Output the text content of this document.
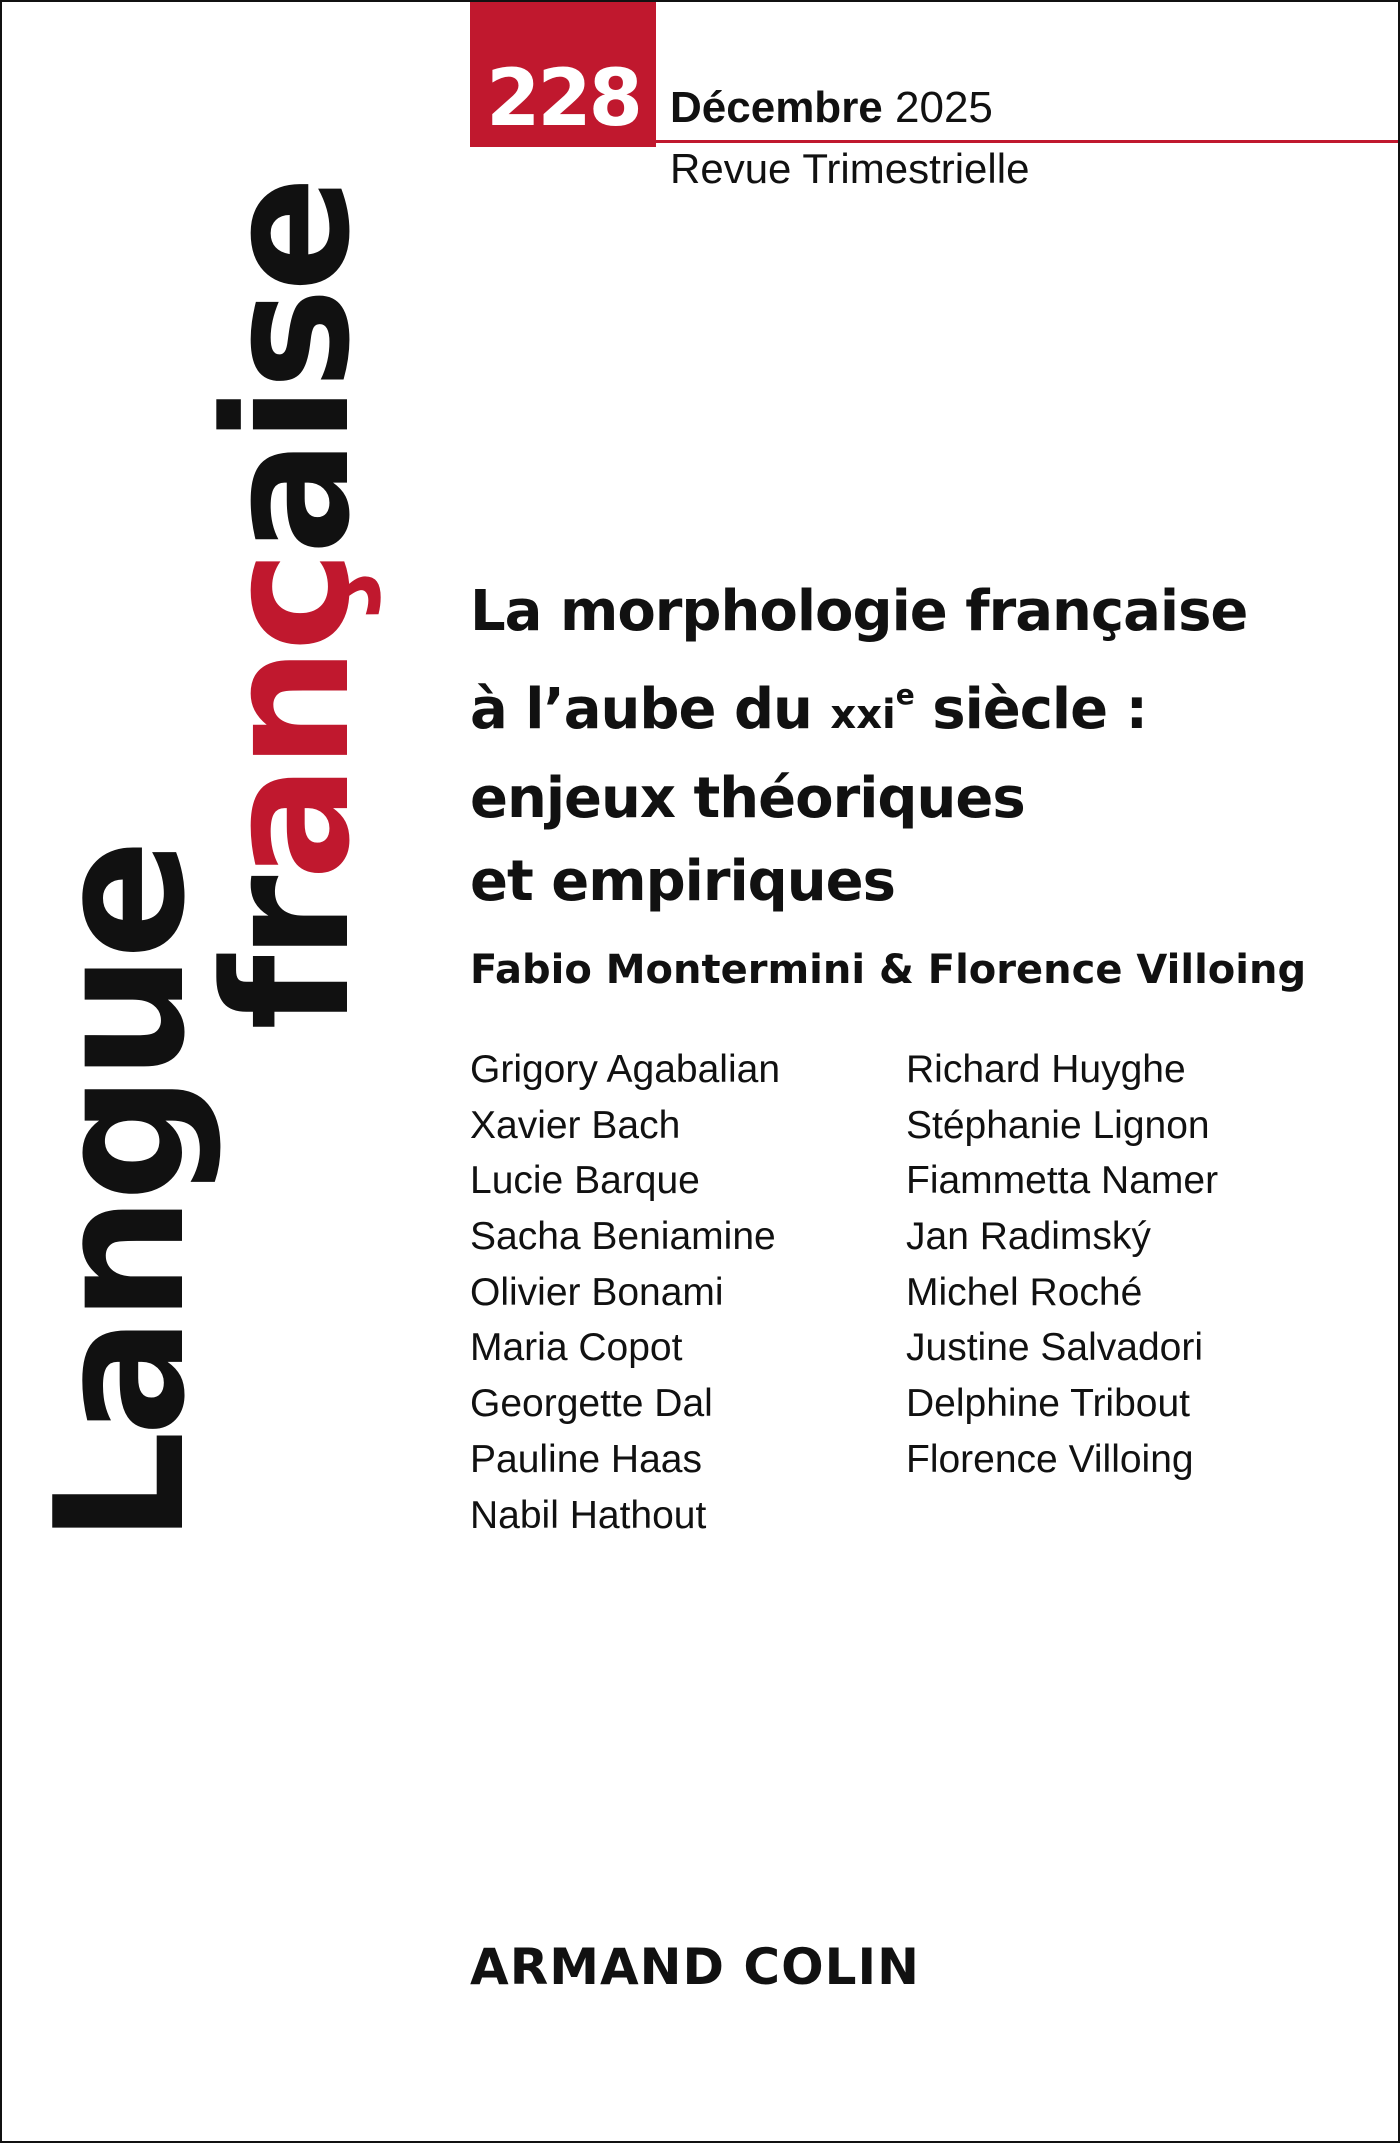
Langue
française
228 Décembre 2025
Revue Trimestrielle
La morphologie française
à l’aube du xxi$^e$ siècle :
enjeux théoriques
et empiriques
Fabio Montermini & Florence Villoing
Grigory Agabalian
Xavier Bach
Lucie Barque
Sacha Beniamine
Olivier Bonami
Maria Copot
Georgette Dal
Pauline Haas
Nabil Hathout
Richard Huyghe
Stéphanie Lignon
Fiammetta Namer
Jan Radimský
Michel Roché
Justine Salvadori
Delphine Tribout
Florence Villoing
ARMAND COLIN
